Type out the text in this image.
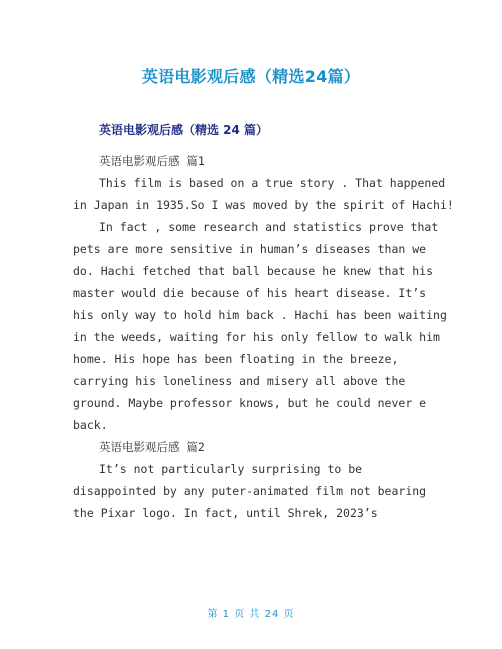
英语电影观后感（精选24篇）
英语电影观后感（精选 24 篇）
英语电影观后感 篇1
This film is based on a true story . That happened
in Japan in 1935.So I was moved by the spirit of Hachi!
In fact , some research and statistics prove that
pets are more sensitive in human’s diseases than we
do. Hachi fetched that ball because he knew that his
master would die because of his heart disease. It’s
his only way to hold him back . Hachi has been waiting
in the weeds, waiting for his only fellow to walk him
home. His hope has been floating in the breeze,
carrying his loneliness and misery all above the
ground. Maybe professor knows, but he could never e
back.
英语电影观后感 篇2
It’s not particularly surprising to be
disappointed by any puter-animated film not bearing
the Pixar logo. In fact, until Shrek, 2023’s
第 1 页 共 24 页
